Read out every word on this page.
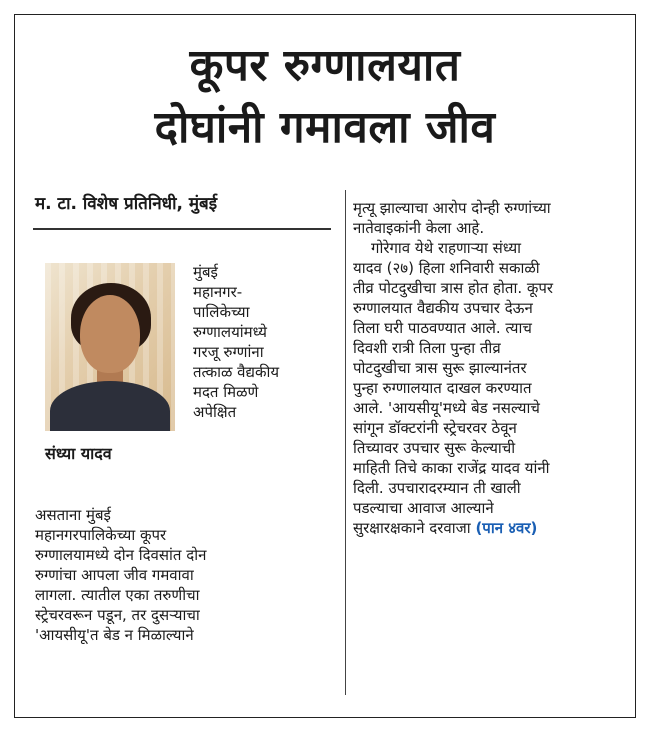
कूपर रुग्णालयात
दोघांनी गमावला जीव
म. टा. विशेष प्रतिनिधी, मुंबई
संध्या यादव
मुंबई
महानगर-
पालिकेच्या
रुग्णालयांमध्ये
गरजू रुग्णांना
तत्काळ वैद्यकीय
मदत मिळणे
अपेक्षित
असताना मुंबई
महानगरपालिकेच्या कूपर
रुग्णालयामध्ये दोन दिवसांत दोन
रुग्णांचा आपला जीव गमवावा
लागला. त्यातील एका तरुणीचा
स्ट्रेचरवरून पडून, तर दुसऱ्याचा
'आयसीयू'त बेड न मिळाल्याने
मृत्यू झाल्याचा आरोप दोन्ही रुग्णांच्या
नातेवाइकांनी केला आहे.
गोरेगाव येथे राहणाऱ्या संध्या
यादव (२७) हिला शनिवारी सकाळी
तीव्र पोटदुखीचा त्रास होत होता. कूपर
रुग्णालयात वैद्यकीय उपचार देऊन
तिला घरी पाठवण्यात आले. त्याच
दिवशी रात्री तिला पुन्हा तीव्र
पोटदुखीचा त्रास सुरू झाल्यानंतर
पुन्हा रुग्णालयात दाखल करण्यात
आले. 'आयसीयू'मध्ये बेड नसल्याचे
सांगून डॉक्टरांनी स्ट्रेचरवर ठेवून
तिच्यावर उपचार सुरू केल्याची
माहिती तिचे काका राजेंद्र यादव यांनी
दिली. उपचारादरम्यान ती खाली
पडल्याचा आवाज आल्याने
सुरक्षारक्षकाने दरवाजा (पान ४वर)
